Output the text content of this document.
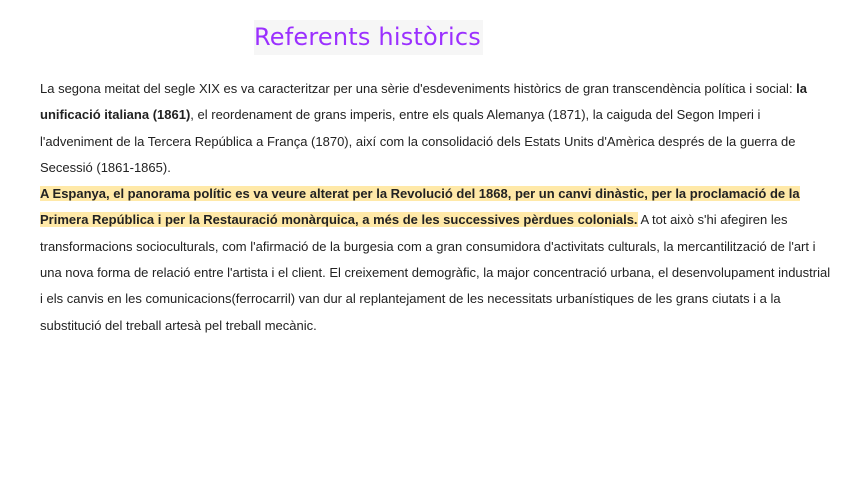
Referents històrics

La segona meitat del segle XIX es va caracteritzar per una sèrie d'esdeveniments històrics de gran transcendència política i social: la unificació italiana (1861), el reordenament de grans imperis, entre els quals Alemanya (1871), la caiguda del Segon Imperi i l'adveniment de la Tercera República a França (1870), així com la consolidació dels Estats Units d'Amèrica després de la guerra de Secessió (1861-1865).

A Espanya, el panorama polític es va veure alterat per la Revolució del 1868, per un canvi dinàstic, per la proclamació de la Primera República i per la Restauració monàrquica, a més de les successives pèrdues colonials. A tot això s'hi afegiren les transformacions socioculturals, com l'afirmació de la burgesia com a gran consumidora d'activitats culturals, la mercantilització de l'art i una nova forma de relació entre l'artista i el client. El creixement demogràfic, la major concentració urbana, el desenvolupament industrial i els canvis en les comunicacions(ferrocarril) van dur al replantejament de les necessitats urbanístiques de les grans ciutats i a la substitució del treball artesà pel treball mecànic.
